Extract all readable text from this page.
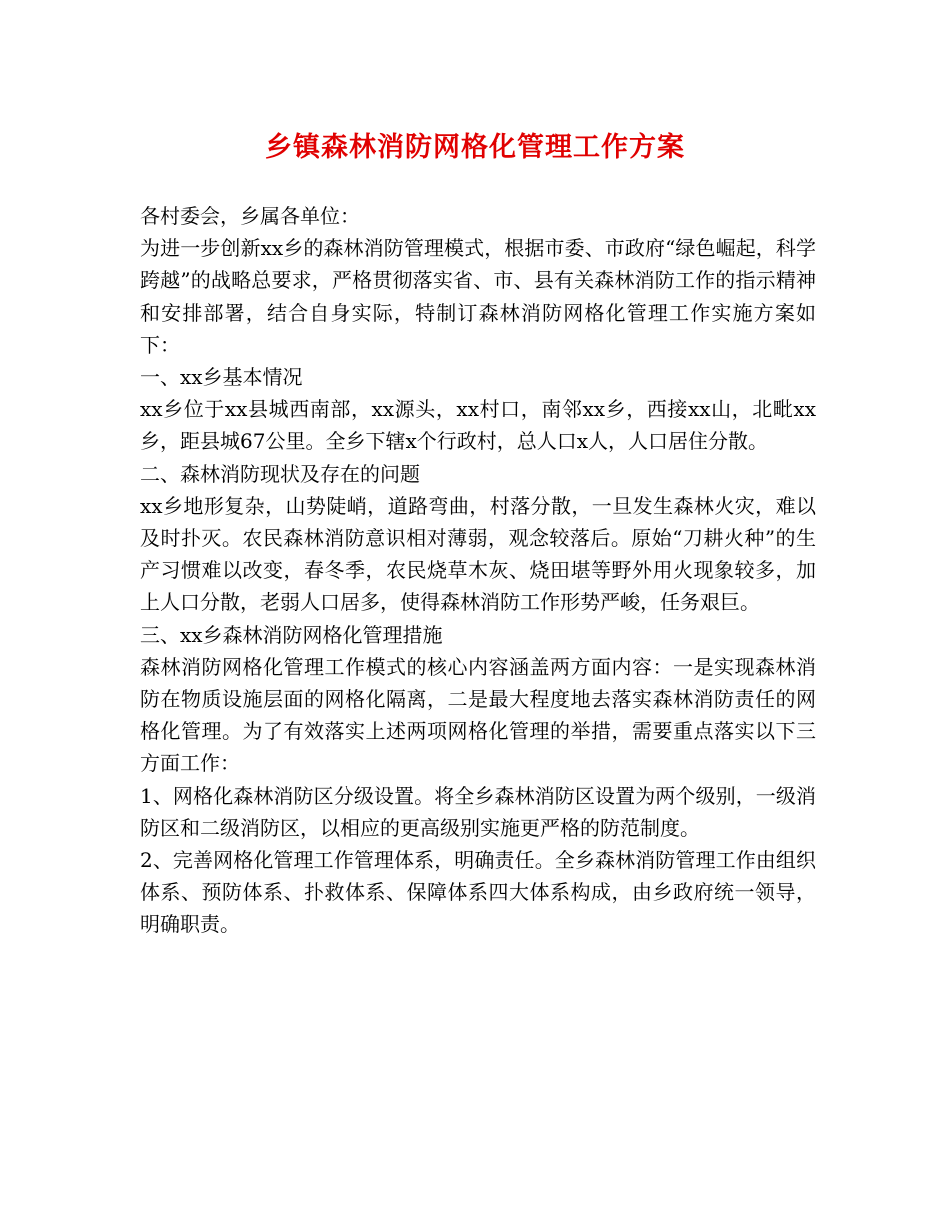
乡镇森林消防网格化管理工作方案

各村委会，乡属各单位：

为进一步创新xx乡的森林消防管理模式，根据市委、市政府“绿色崛起，科学跨越”的战略总要求，严格贯彻落实省、市、县有关森林消防工作的指示精神和安排部署，结合自身实际，特制订森林消防网格化管理工作实施方案如下：

一、xx乡基本情况

xx乡位于xx县城西南部，xx源头，xx村口，南邻xx乡，西接xx山，北毗xx乡，距县城67公里。全乡下辖x个行政村，总人口x人，人口居住分散。

二、森林消防现状及存在的问题

xx乡地形复杂，山势陡峭，道路弯曲，村落分散，一旦发生森林火灾，难以及时扑灭。农民森林消防意识相对薄弱，观念较落后。原始“刀耕火种”的生产习惯难以改变，春冬季，农民烧草木灰、烧田堪等野外用火现象较多，加上人口分散，老弱人口居多，使得森林消防工作形势严峻，任务艰巨。

三、xx乡森林消防网格化管理措施

森林消防网格化管理工作模式的核心内容涵盖两方面内容：一是实现森林消防在物质设施层面的网格化隔离，二是最大程度地去落实森林消防责任的网格化管理。为了有效落实上述两项网格化管理的举措，需要重点落实以下三方面工作：

1、网格化森林消防区分级设置。将全乡森林消防区设置为两个级别，一级消防区和二级消防区，以相应的更高级别实施更严格的防范制度。

2、完善网格化管理工作管理体系，明确责任。全乡森林消防管理工作由组织体系、预防体系、扑救体系、保障体系四大体系构成，由乡政府统一领导，明确职责。
